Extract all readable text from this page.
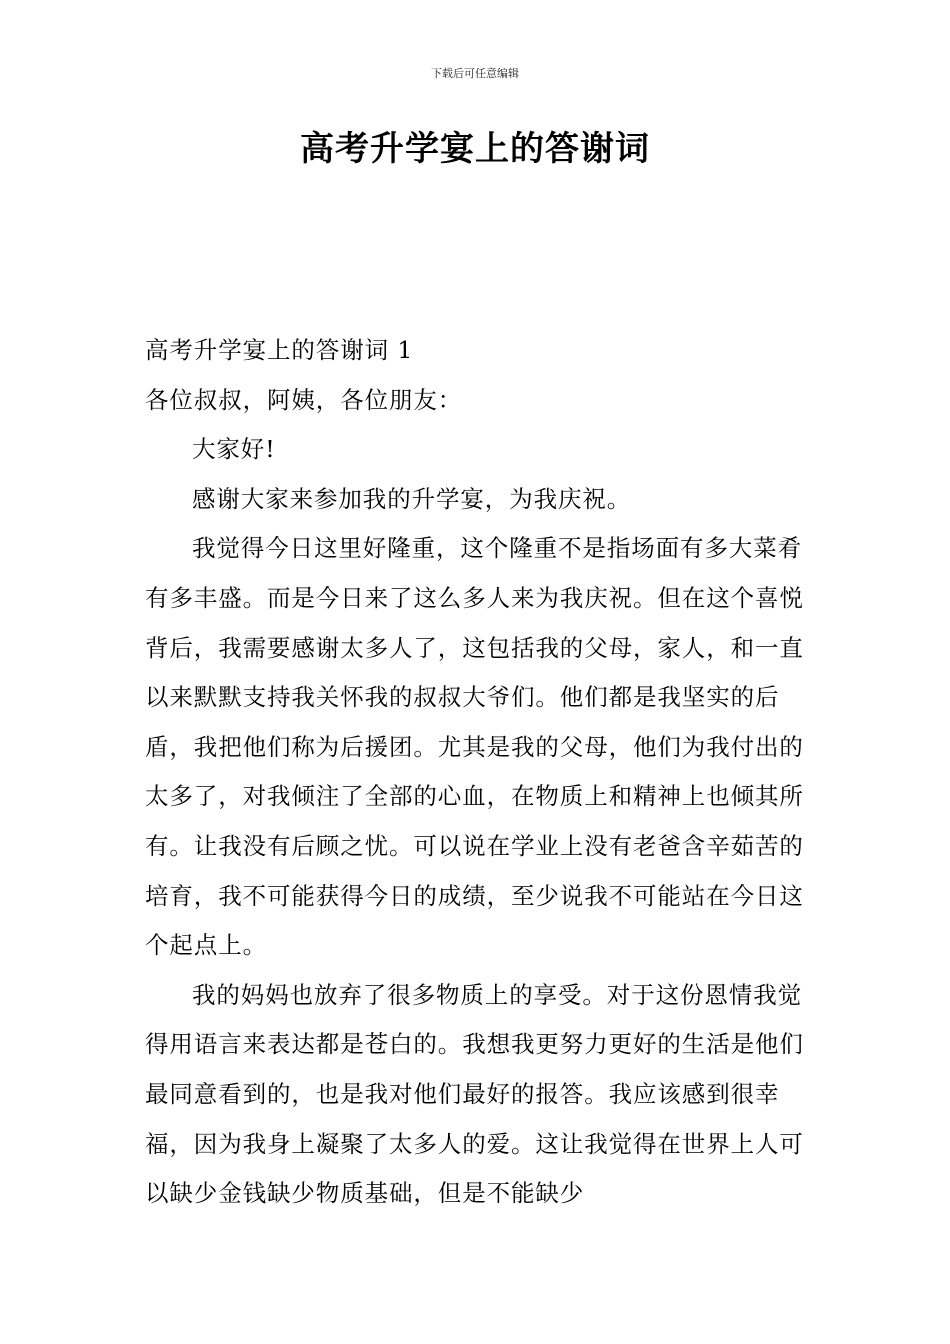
下载后可任意编辑
高考升学宴上的答谢词

高考升学宴上的答谢词 1

各位叔叔，阿姨，各位朋友：

大家好!

感谢大家来参加我的升学宴，为我庆祝。

我觉得今日这里好隆重，这个隆重不是指场面有多大菜肴有多丰盛。而是今日来了这么多人来为我庆祝。但在这个喜悦背后，我需要感谢太多人了，这包括我的父母，家人，和一直以来默默支持我关怀我的叔叔大爷们。他们都是我坚实的后盾，我把他们称为后援团。尤其是我的父母，他们为我付出的太多了，对我倾注了全部的心血，在物质上和精神上也倾其所有。让我没有后顾之忧。可以说在学业上没有老爸含辛茹苦的培育，我不可能获得今日的成绩，至少说我不可能站在今日这个起点上。

我的妈妈也放弃了很多物质上的享受。对于这份恩情我觉得用语言来表达都是苍白的。我想我更努力更好的生活是他们最同意看到的，也是我对他们最好的报答。我应该感到很幸福，因为我身上凝聚了太多人的爱。这让我觉得在世界上人可以缺少金钱缺少物质基础，但是不能缺少
